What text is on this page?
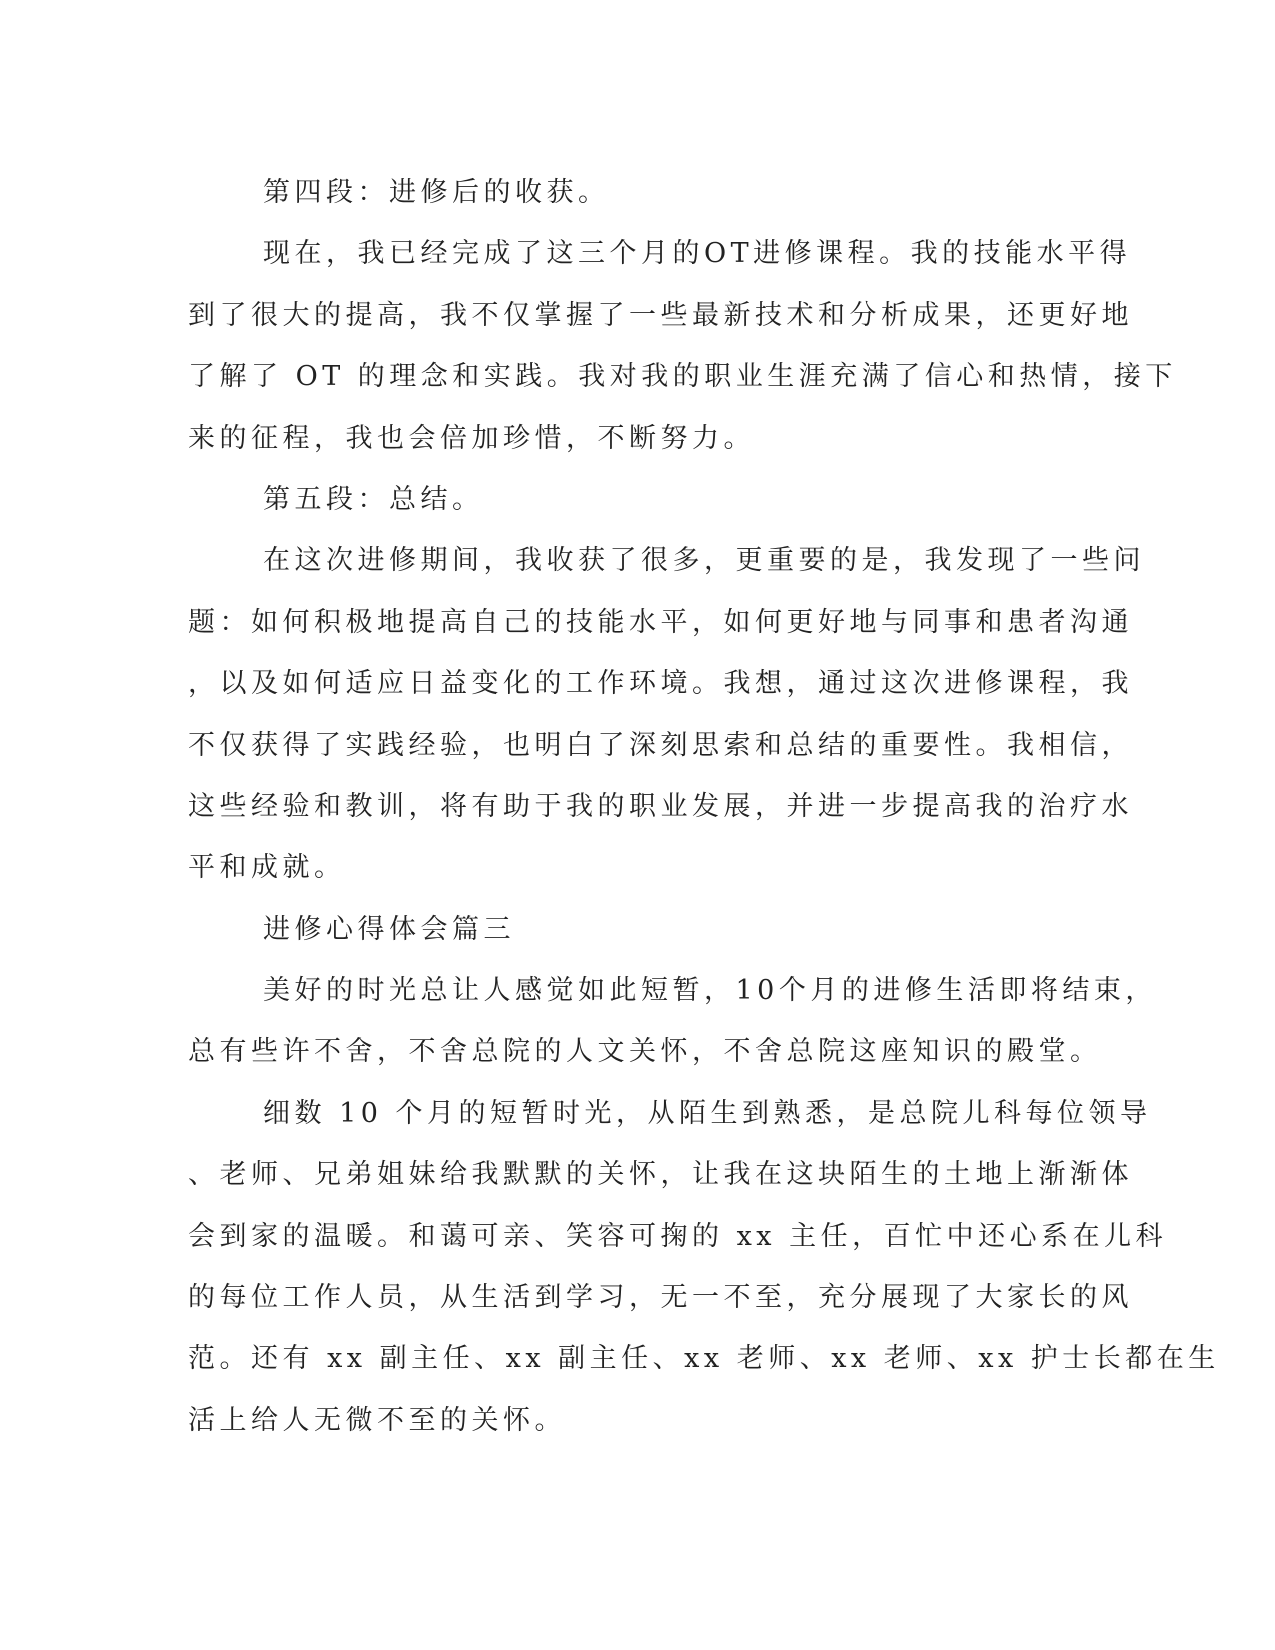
第四段：进修后的收获。
现在，我已经完成了这三个月的OT进修课程。我的技能水平得
到了很大的提高，我不仅掌握了一些最新技术和分析成果，还更好地
了解了 OT 的理念和实践。我对我的职业生涯充满了信心和热情，接下
来的征程，我也会倍加珍惜，不断努力。
第五段：总结。
在这次进修期间，我收获了很多，更重要的是，我发现了一些问
题：如何积极地提高自己的技能水平，如何更好地与同事和患者沟通
，以及如何适应日益变化的工作环境。我想，通过这次进修课程，我
不仅获得了实践经验，也明白了深刻思索和总结的重要性。我相信，
这些经验和教训，将有助于我的职业发展，并进一步提高我的治疗水
平和成就。
进修心得体会篇三
美好的时光总让人感觉如此短暂，10个月的进修生活即将结束，
总有些许不舍，不舍总院的人文关怀，不舍总院这座知识的殿堂。
细数 10 个月的短暂时光，从陌生到熟悉，是总院儿科每位领导
、老师、兄弟姐妹给我默默的关怀，让我在这块陌生的土地上渐渐体
会到家的温暖。和蔼可亲、笑容可掬的 xx 主任，百忙中还心系在儿科
的每位工作人员，从生活到学习，无一不至，充分展现了大家长的风
范。还有 xx 副主任、xx 副主任、xx 老师、xx 老师、xx 护士长都在生
活上给人无微不至的关怀。
